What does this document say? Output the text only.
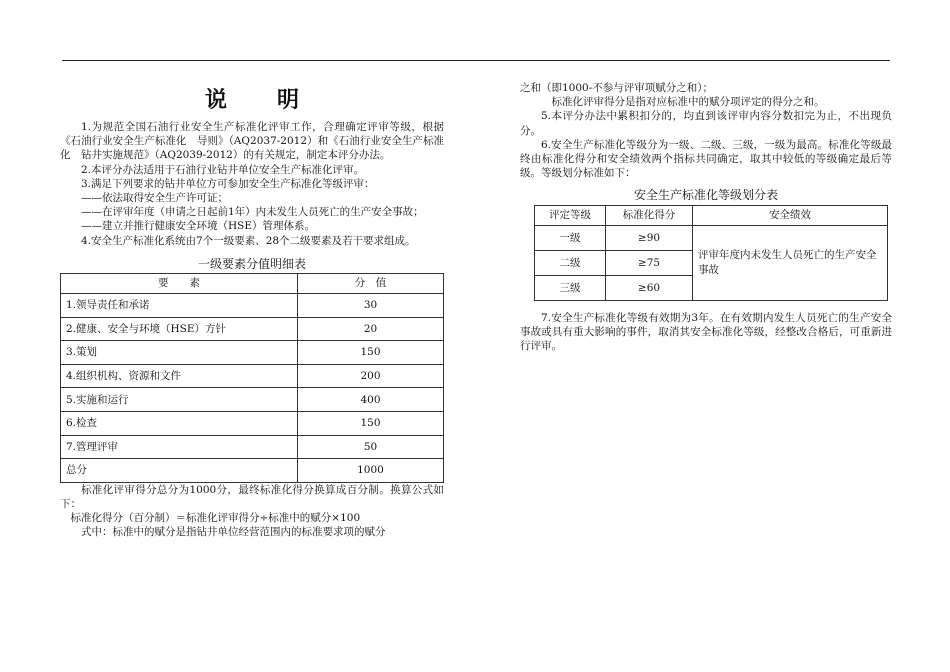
说　明

1.为规范全国石油行业安全生产标准化评审工作，合理确定评审等级，根据《石油行业安全生产标准化　导则》（AQ2037-2012）和《石油行业安全生产标准化　钻井实施规范》（AQ2039-2012）的有关规定，制定本评分办法。

2.本评分办法适用于石油行业钻井单位安全生产标准化评审。

3.满足下列要求的钻井单位方可参加安全生产标准化等级评审：

——依法取得安全生产许可证；

——在评审年度（申请之日起前1年）内未发生人员死亡的生产安全事故；

——建立并推行健康安全环境（HSE）管理体系。

4.安全生产标准化系统由7个一级要素、28个二级要素及若干要求组成。

一级要素分值明细表
要　　素	分　值
1.领导责任和承诺	30
2.健康、安全与环境（HSE）方针	20
3.策划	150
4.组织机构、资源和文件	200
5.实施和运行	400
6.检查	150
7.管理评审	50
总分	1000

标准化评审得分总分为1000分，最终标准化得分换算成百分制。换算公式如下：

标准化得分（百分制）＝标准化评审得分÷标准中的赋分×100

式中：标准中的赋分是指钻井单位经营范围内的标准要求项的赋分

之和（即1000-不参与评审项赋分之和）；

标准化评审得分是指对应标准中的赋分项评定的得分之和。

5.本评分办法中累积扣分的，均直到该评审内容分数扣完为止，不出现负分。

6.安全生产标准化等级分为一级、二级、三级，一级为最高。标准化等级最终由标准化得分和安全绩效两个指标共同确定，取其中较低的等级确定最后等级。等级划分标准如下：

安全生产标准化等级划分表
评定等级	标准化得分	安全绩效
一级	≥90	评审年度内未发生人员死亡的生产安全事故
二级	≥75	
三级	≥60	

7.安全生产标准化等级有效期为3年。在有效期内发生人员死亡的生产安全事故或具有重大影响的事件，取消其安全标准化等级，经整改合格后，可重新进行评审。
